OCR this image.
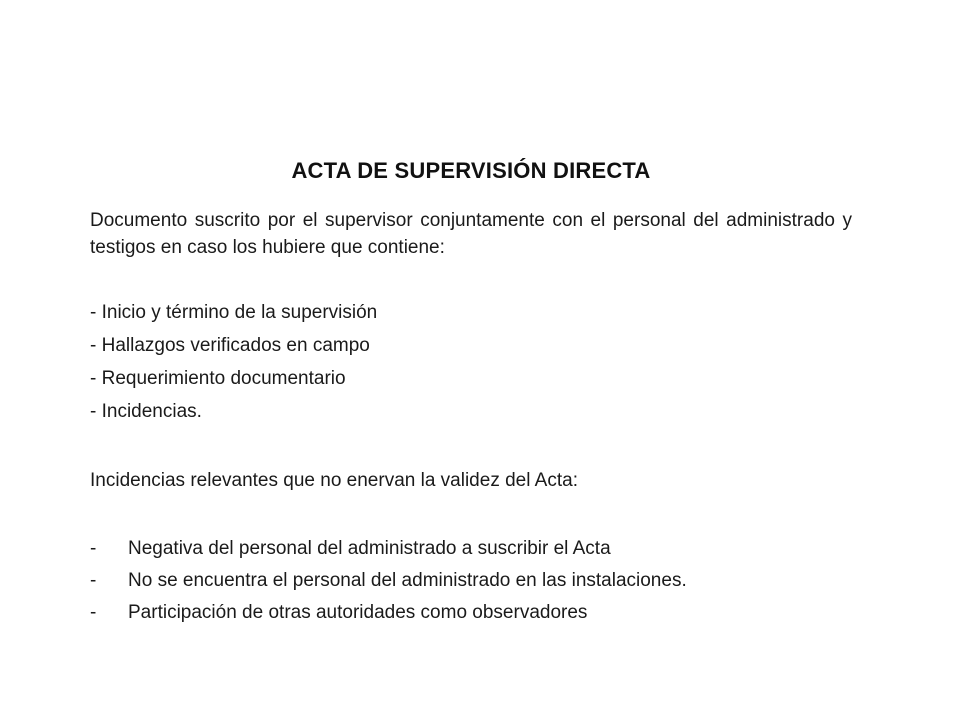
ACTA DE SUPERVISIÓN DIRECTA
Documento suscrito por el supervisor conjuntamente con el personal del administrado y testigos en caso los hubiere que contiene:
- Inicio y término de la supervisión
- Hallazgos verificados en campo
- Requerimiento documentario
- Incidencias.
Incidencias relevantes que no enervan la validez del Acta:
- Negativa del personal del administrado a suscribir el Acta
- No se encuentra el personal del administrado en las instalaciones.
- Participación de otras autoridades como observadores
